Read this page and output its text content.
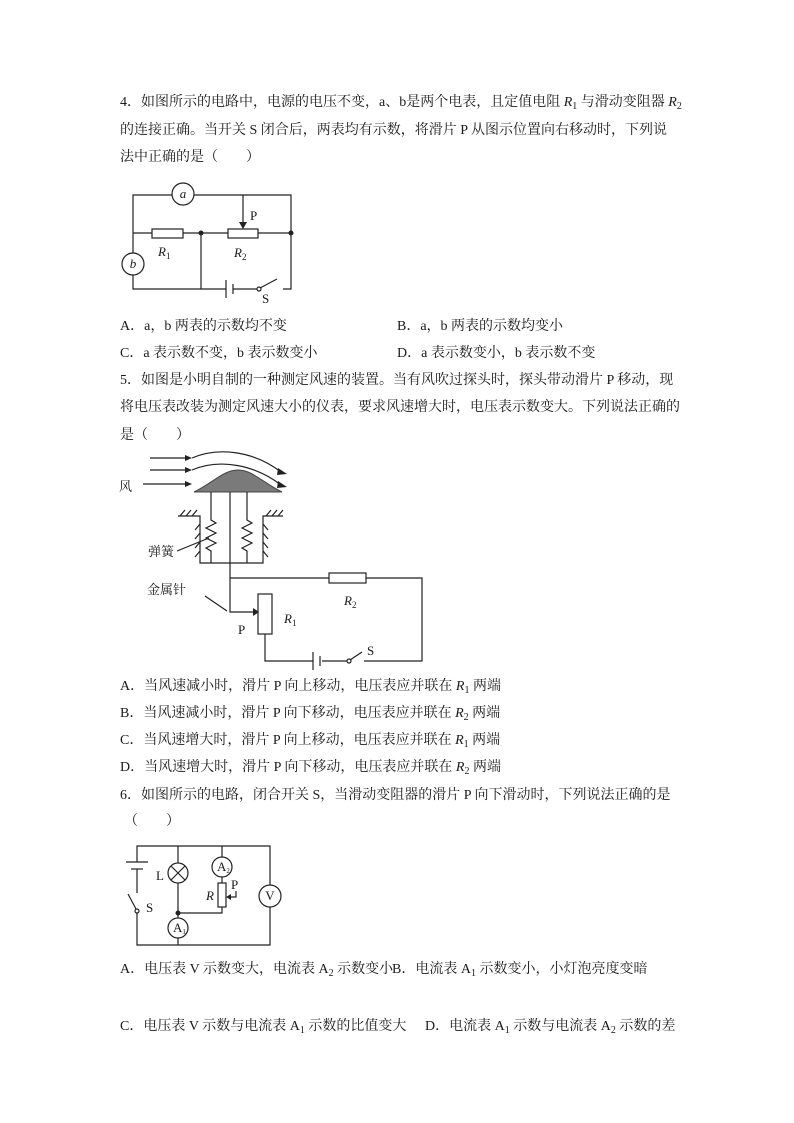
4．如图所示的电路中，电源的电压不变，a、b是两个电表，且定值电阻 $R_1$ 与滑动变阻器 $R_2$
的连接正确。当开关 S 闭合后，两表均有示数，将滑片 P 从图示位置向右移动时，下列说
法中正确的是（　　）
A．a，b 两表的示数均不变	B．a，b 两表的示数均变小
C．a 表示数不变，b 表示数变小	D．a 表示数变小，b 表示数不变
5．如图是小明自制的一种测定风速的装置。当有风吹过探头时，探头带动滑片 P 移动，现
将电压表改装为测定风速大小的仪表，要求风速增大时，电压表示数变大。下列说法正确的
是（　　）
A．当风速减小时，滑片 P 向上移动，电压表应并联在 $R_1$ 两端
B．当风速减小时，滑片 P 向下移动，电压表应并联在 $R_2$ 两端
C．当风速增大时，滑片 P 向上移动，电压表应并联在 $R_1$ 两端
D．当风速增大时，滑片 P 向下移动，电压表应并联在 $R_2$ 两端
6．如图所示的电路，闭合开关 S，当滑动变阻器的滑片 P 向下滑动时，下列说法正确的是
（　　）
A．电压表 V 示数变大，电流表 $A_2$ 示数变小
B．电流表 $A_1$ 示数变小，小灯泡亮度变暗
C．电压表 V 示数与电流表 $A_1$ 示数的比值变大 D．电流表 $A_1$ 示数与电流表 $A_2$ 示数的差
a
b
P
$R_1$	$R_2$
S
风
弹簧
金属针
P
$R_2$
$R_1$
S
S
L
A2
R
P
A1
V
